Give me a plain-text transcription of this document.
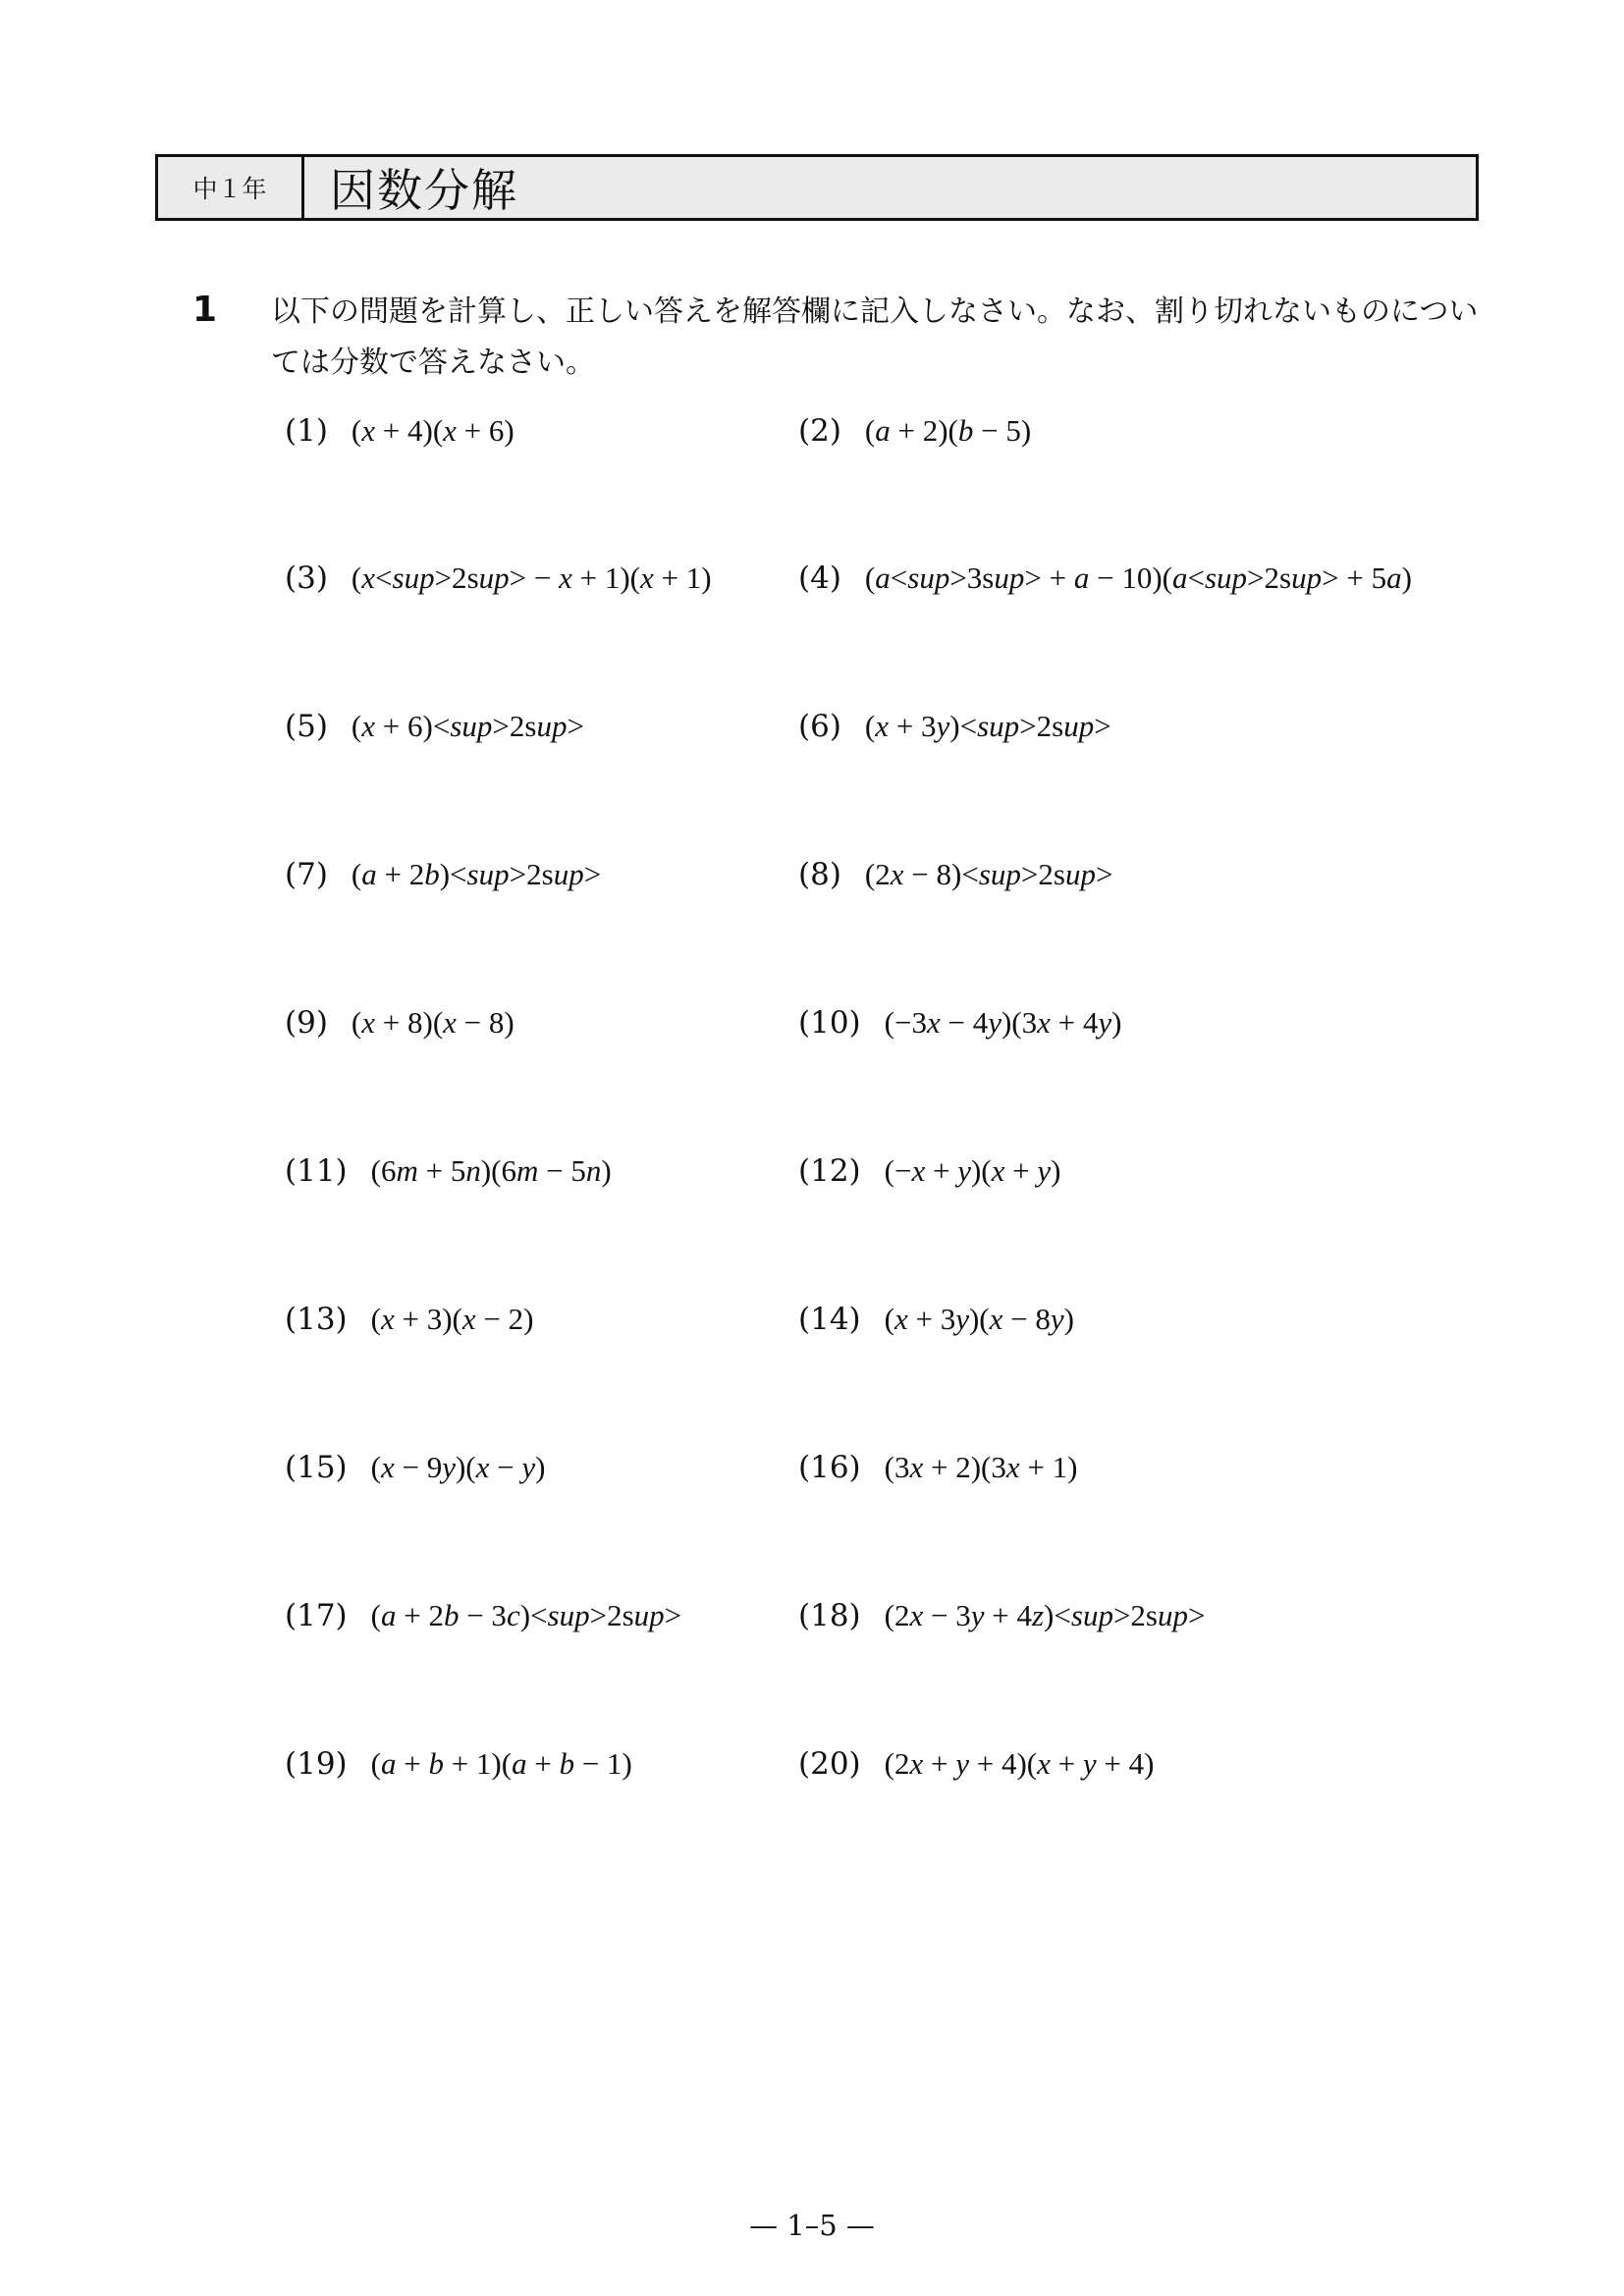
中１年	因数分解
1 以下の問題を計算し、正しい答えを解答欄に記入しなさい。なお、割り切れないものについては分数で答えなさい。
(1) (x + 4)(x + 6)	(2) (a + 2)(b − 5)
(3) (x<sup>2sup> − x + 1)(x + 1)	(4) (a<sup>3sup> + a − 10)(a<sup>2sup> + 5a)
(5) (x + 6)<sup>2sup>	(6) (x + 3y)<sup>2sup>
(7) (a + 2b)<sup>2sup>	(8) (2x − 8)<sup>2sup>
(9) (x + 8)(x − 8)	(10) (−3x − 4y)(3x + 4y)
(11) (6m + 5n)(6m − 5n)	(12) (−x + y)(x + y)
(13) (x + 3)(x − 2)	(14) (x + 3y)(x − 8y)
(15) (x − 9y)(x − y)	(16) (3x + 2)(3x + 1)
(17) (a + 2b − 3c)<sup>2sup>	(18) (2x − 3y + 4z)<sup>2sup>
(19) (a + b + 1)(a + b − 1)	(20) (2x + y + 4)(x + y + 4)
— 1–5 —
